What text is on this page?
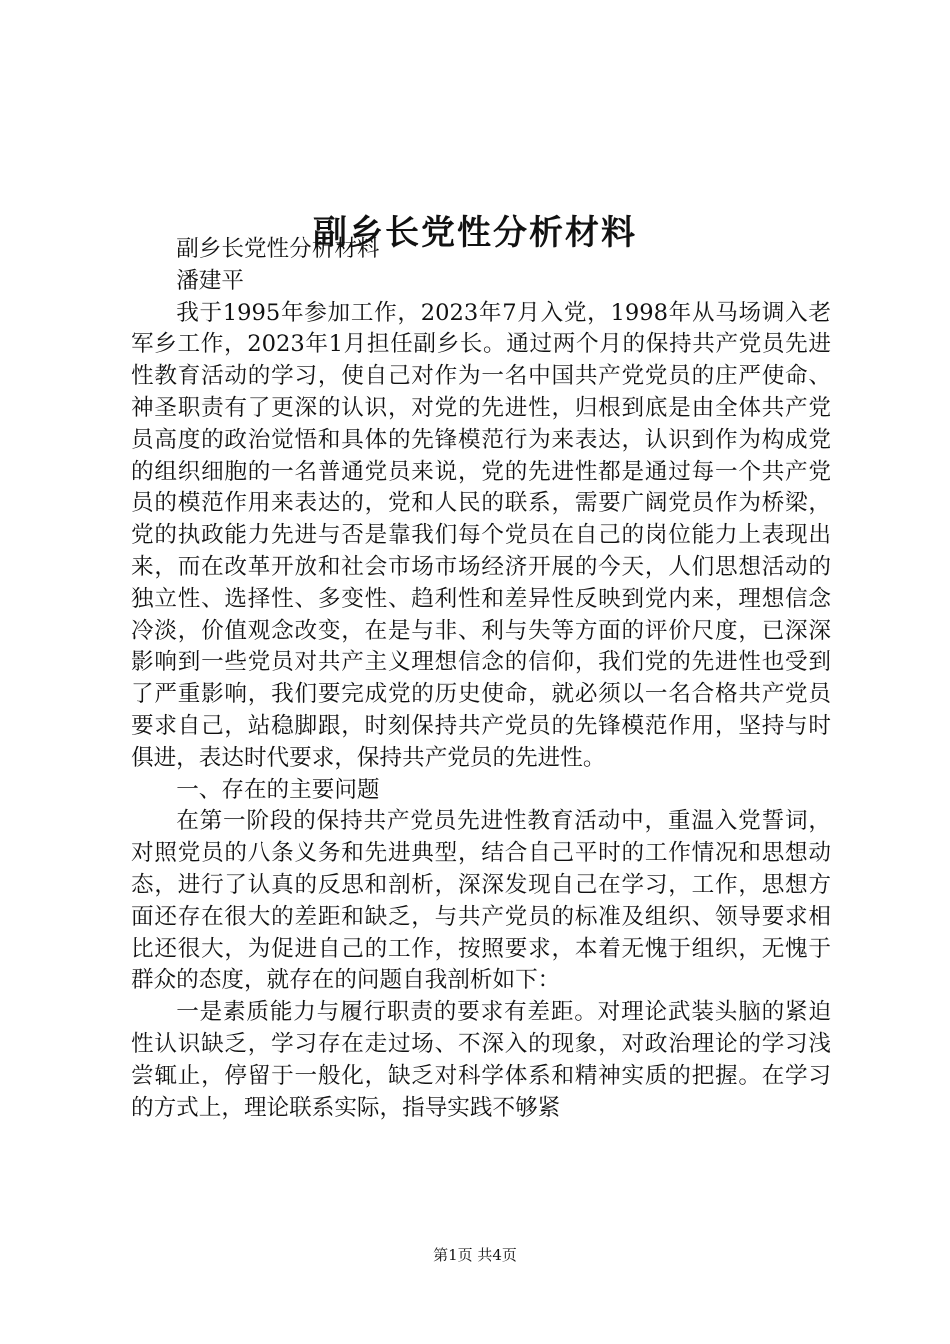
副乡长党性分析材料

副乡长党性分析材料

潘建平

我于1995年参加工作，2023年7月入党，1998年从马场调入老军乡工作，2023年1月担任副乡长。通过两个月的保持共产党员先进性教育活动的学习，使自己对作为一名中国共产党党员的庄严使命、神圣职责有了更深的认识，对党的先进性，归根到底是由全体共产党员高度的政治觉悟和具体的先锋模范行为来表达，认识到作为构成党的组织细胞的一名普通党员来说，党的先进性都是通过每一个共产党员的模范作用来表达的，党和人民的联系，需要广阔党员作为桥梁，党的执政能力先进与否是靠我们每个党员在自己的岗位能力上表现出来，而在改革开放和社会市场市场经济开展的今天，人们思想活动的独立性、选择性、多变性、趋利性和差异性反映到党内来，理想信念冷淡，价值观念改变，在是与非、利与失等方面的评价尺度，已深深影响到一些党员对共产主义理想信念的信仰，我们党的先进性也受到了严重影响，我们要完成党的历史使命，就必须以一名合格共产党员要求自己，站稳脚跟，时刻保持共产党员的先锋模范作用，坚持与时俱进，表达时代要求，保持共产党员的先进性。

一、存在的主要问题

在第一阶段的保持共产党员先进性教育活动中，重温入党誓词，对照党员的八条义务和先进典型，结合自己平时的工作情况和思想动态，进行了认真的反思和剖析，深深发现自己在学习，工作，思想方面还存在很大的差距和缺乏，与共产党员的标准及组织、领导要求相比还很大，为促进自己的工作，按照要求，本着无愧于组织，无愧于群众的态度，就存在的问题自我剖析如下：

一是素质能力与履行职责的要求有差距。对理论武装头脑的紧迫性认识缺乏，学习存在走过场、不深入的现象，对政治理论的学习浅尝辄止，停留于一般化，缺乏对科学体系和精神实质的把握。在学习的方式上，理论联系实际，指导实践不够紧

第1页 共4页
